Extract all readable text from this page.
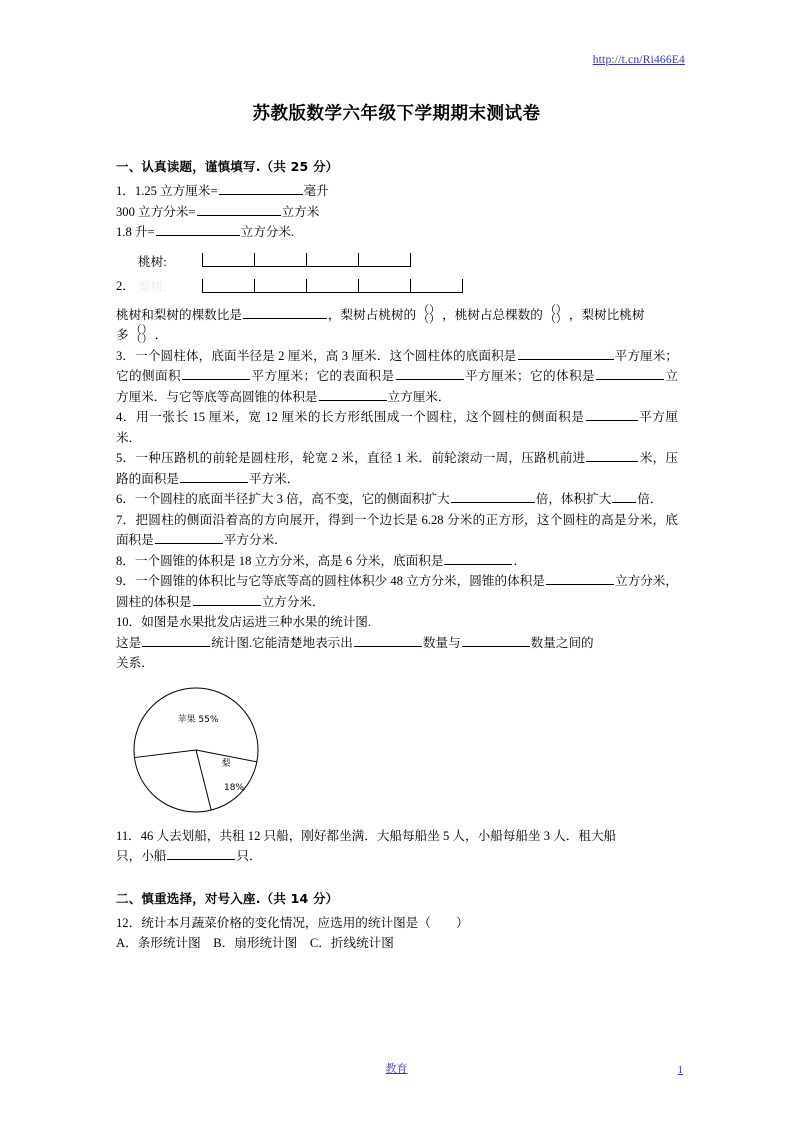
http://t.cn/Ri466E4
苏教版数学六年级下学期期末测试卷
一、认真读题，谨慎填写.（共 25 分）

1．1.25 立方厘米=	毫升
300 立方分米=	立方米
1.8 升=	立方分米.

2．
桃树:
梨树:

桃树和梨树的棵数比是	，梨树占桃树的 （）
（） ，桃树占总棵数的 （）
（） ，梨树比桃树
多 （）
（） ．

3．一个圆柱体，底面半径是 2 厘米，高 3 厘米．这个圆柱体的底面积是	平方厘米；它的侧面积	平方厘米；它的表面积是	平方厘米；它的体积是	立方厘米．与它等底等高圆锥的体积是	立方厘米．

4．用一张长 15 厘米，宽 12 厘米的长方形纸围成一个圆柱，这个圆柱的侧面积是	平方厘米．

5．一种压路机的前轮是圆柱形，轮宽 2 米，直径 1 米．前轮滚动一周，压路机前进	米，压路的面积是	平方米．

6．一个圆柱的底面半径扩大 3 倍，高不变，它的侧面积扩大	倍，体积扩大 倍．

7．把圆柱的侧面沿着高的方向展开，得到一个边长是 6.28 分米的正方形，这个圆柱的高是分米，底面积是	平方分米．

8．一个圆锥的体积是 18 立方分米，高是 6 分米，底面积是	．

9．一个圆锥的体积比与它等底等高的圆柱体积少 48 立方分米，圆锥的体积是	立方分米，圆柱的体积是	立方分米．

10．如图是水果批发店运进三种水果的统计图.
这是	统计图.它能清楚地表示出	数量与	数量之间的
关系．

苹果 55%
梨
18%

11．46 人去划船，共租 12 只船，刚好都坐满．大船每船坐 5 人，小船每船坐 3 人．租大船
只，小船	只．

二、慎重选择，对号入座.（共 14 分）

12．统计本月蔬菜价格的变化情况，应选用的统计图是（　　）
A．条形统计图 B．扇形统计图 C．折线统计图

教育	1
